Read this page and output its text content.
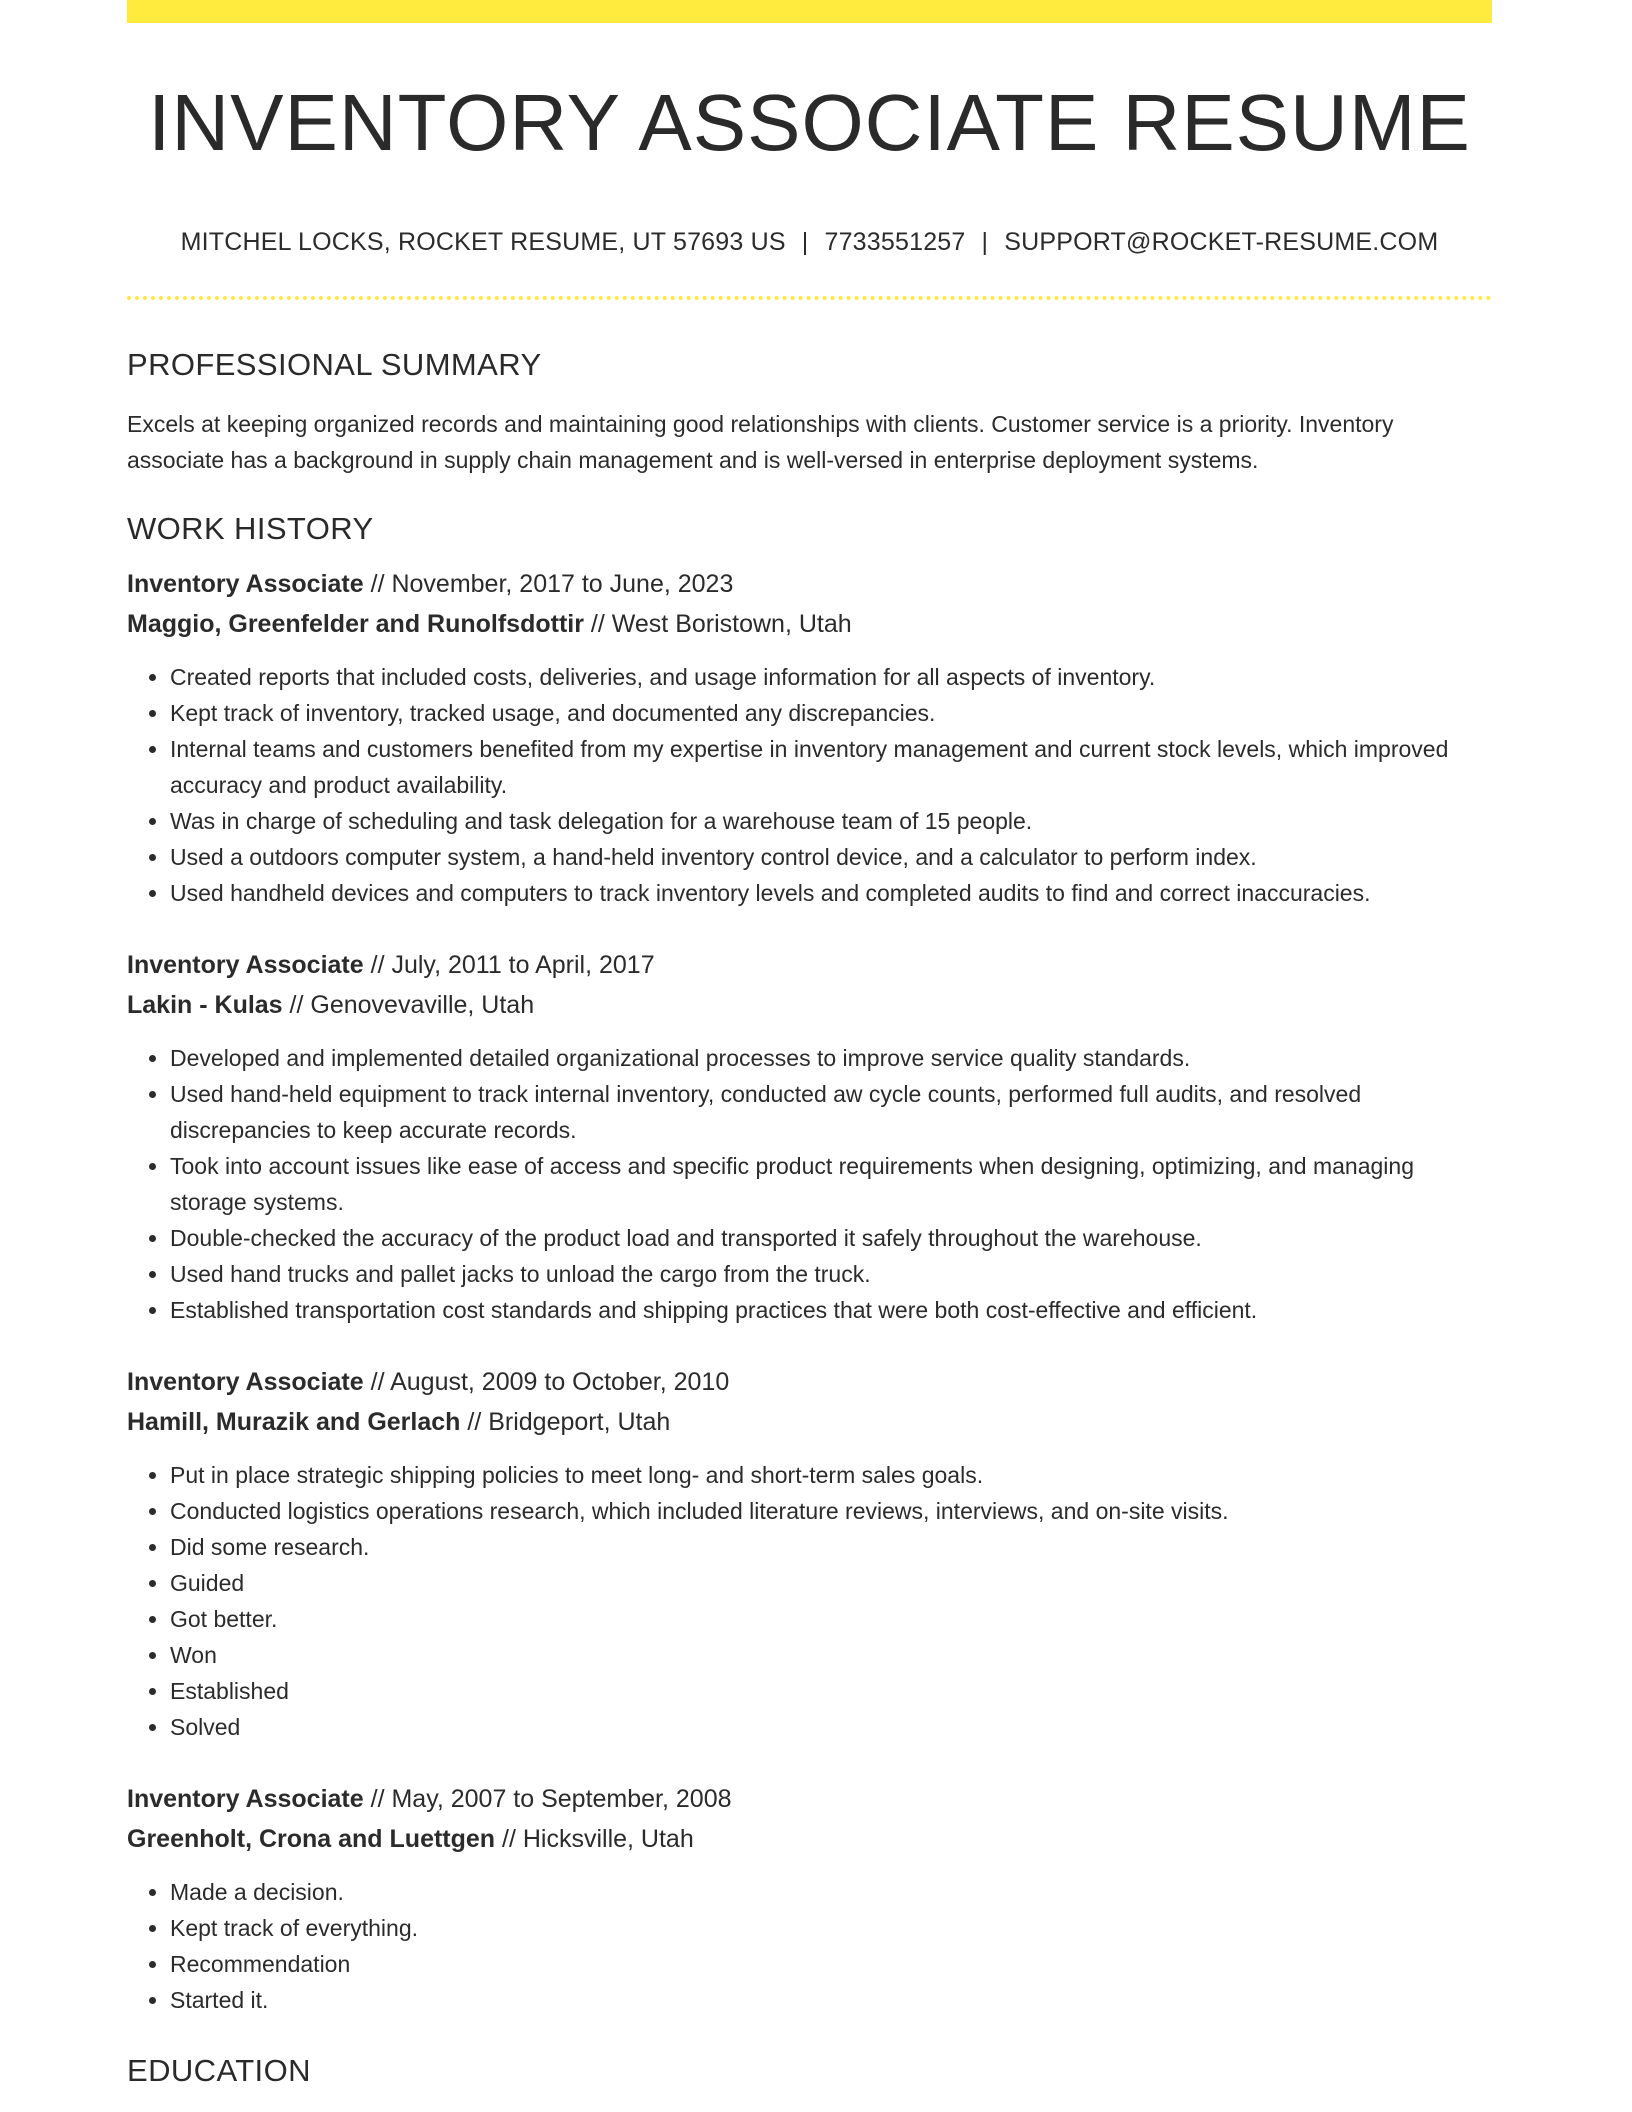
INVENTORY ASSOCIATE RESUME
MITCHEL LOCKS, ROCKET RESUME, UT 57693 US | 7733551257 | SUPPORT@ROCKET-RESUME.COM
PROFESSIONAL SUMMARY

Excels at keeping organized records and maintaining good relationships with clients. Customer service is a priority. Inventory associate has a background in supply chain management and is well-versed in enterprise deployment systems.

WORK HISTORY
Inventory Associate // November, 2017 to June, 2023
Maggio, Greenfelder and Runolfsdottir // West Boristown, Utah
• Created reports that included costs, deliveries, and usage information for all aspects of inventory.
• Kept track of inventory, tracked usage, and documented any discrepancies.
• Internal teams and customers benefited from my expertise in inventory management and current stock levels, which improved accuracy and product availability.
• Was in charge of scheduling and task delegation for a warehouse team of 15 people.
• Used a outdoors computer system, a hand-held inventory control device, and a calculator to perform index.
• Used handheld devices and computers to track inventory levels and completed audits to find and correct inaccuracies.
Inventory Associate // July, 2011 to April, 2017
Lakin - Kulas // Genovevaville, Utah
• Developed and implemented detailed organizational processes to improve service quality standards.
• Used hand-held equipment to track internal inventory, conducted aw cycle counts, performed full audits, and resolved discrepancies to keep accurate records.
• Took into account issues like ease of access and specific product requirements when designing, optimizing, and managing storage systems.
• Double-checked the accuracy of the product load and transported it safely throughout the warehouse.
• Used hand trucks and pallet jacks to unload the cargo from the truck.
• Established transportation cost standards and shipping practices that were both cost-effective and efficient.
Inventory Associate // August, 2009 to October, 2010
Hamill, Murazik and Gerlach // Bridgeport, Utah
• Put in place strategic shipping policies to meet long- and short-term sales goals.
• Conducted logistics operations research, which included literature reviews, interviews, and on-site visits.
• Did some research.
• Guided
• Got better.
• Won
• Established
• Solved
Inventory Associate // May, 2007 to September, 2008
Greenholt, Crona and Luettgen // Hicksville, Utah
• Made a decision.
• Kept track of everything.
• Recommendation
• Started it.
EDUCATION
